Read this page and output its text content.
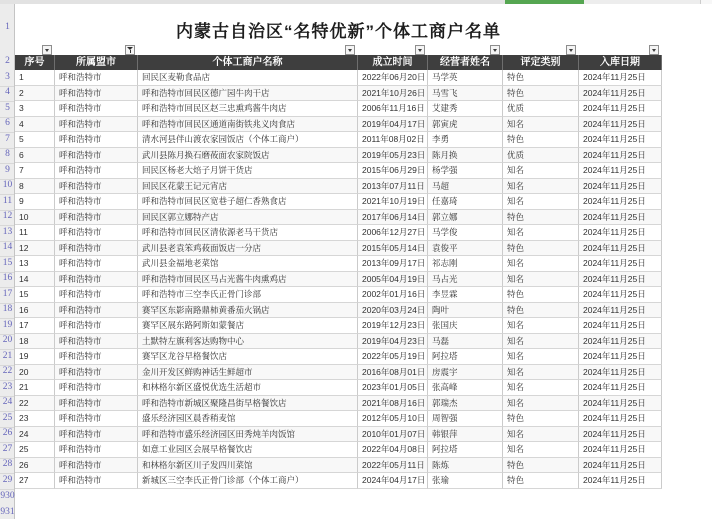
内蒙古自治区“名特优新”个体工商户名单
1
2
3
4
5
6
7
8
9
10
11
12
13
14
15
16
17
18
19
20
21
22
23
24
25
26
27
28
29
930
931
序号	所属盟市	个体工商户名称	成立时间	经营者姓名	评定类别	入库日期
1	呼和浩特市	回民区麦勒食品店	2022年06月20日 马学英	特色	2024年11月25日
2	呼和浩特市	呼和浩特市回民区德广园牛肉干店	2021年10月26日 马雪飞	特色	2024年11月25日
3	呼和浩特市	呼和浩特市回民区赵三忠熏鸡酱牛肉店	2006年11月16日 艾建秀	优质	2024年11月25日
4	呼和浩特市	呼和浩特市回民区通道南街铁兆义肉食店	2019年04月17日 郭寅虎	知名	2024年11月25日
5	呼和浩特市	清水河县伴山渡农家园饭店（个体工商户）	2011年08月02日 李勇	特色	2024年11月25日
6	呼和浩特市	武川县陈月换石磨莜面农家院饭店	2019年05月23日 陈月换	优质	2024年11月25日
7	呼和浩特市	回民区杨老大焙子月饼干货店	2015年06月29日 杨学强	知名	2024年11月25日
8	呼和浩特市	回民区花蒙王记元宵店	2013年07月11日 马超	知名	2024年11月25日
9	呼和浩特市	呼和浩特市回民区宽巷子超仁香熟食店	2021年10月19日 任嘉琦	知名	2024年11月25日
10	呼和浩特市	回民区郭立娜特产店	2017年06月14日 郭立娜	特色	2024年11月25日
11	呼和浩特市	呼和浩特市回民区清依源老马干货店	2006年12月27日 马学俊	知名	2024年11月25日
12	呼和浩特市	武川县老袁笨鸡莜面饭店一分店	2015年05月14日 袁俊平	特色	2024年11月25日
13	呼和浩特市	武川县金福地老菜馆	2013年09月17日 祁志刚	知名	2024年11月25日
14	呼和浩特市	呼和浩特市回民区马占光酱牛肉熏鸡店	2005年04月19日 马占光	知名	2024年11月25日
15	呼和浩特市	呼和浩特市三空李氏正骨门诊部	2002年01月16日 李昱霖	特色	2024年11月25日
16	呼和浩特市	赛罕区东影南路鼎柿黄番茄火锅店	2020年03月24日 陶叶	特色	2024年11月25日
17	呼和浩特市	赛罕区展东路阿斯如蒙餐店	2019年12月23日 张国庆	知名	2024年11月25日
18	呼和浩特市	土默特左旗利客达购物中心	2019年04月23日 马磊	知名	2024年11月25日
19	呼和浩特市	赛罕区龙谷早格餐饮店	2022年05月19日 阿拉塔	知名	2024年11月25日
20	呼和浩特市	金川开发区鲜购神话生鲜超市	2016年08月01日 房震宇	知名	2024年11月25日
21	呼和浩特市	和林格尔新区盛悦优选生活超市	2023年01月05日 张高峰	知名	2024年11月25日
22	呼和浩特市	呼和浩特市新城区聚隆昌街早格餐饮店	2021年08月16日 郭瑞杰	知名	2024年11月25日
23	呼和浩特市	盛乐经济园区晨香稍麦馆	2012年05月10日 周智强	特色	2024年11月25日
24	呼和浩特市	呼和浩特市盛乐经济园区田秀炖羊肉饭馆	2010年01月07日 韩银萍	知名	2024年11月25日
25	呼和浩特市	如意工业园区会展早格餐饮店	2022年04月08日 阿拉塔	知名	2024年11月25日
26	呼和浩特市	和林格尔新区川子发四川菜馆	2022年05月11日 陈炼	特色	2024年11月25日
27	呼和浩特市	新城区三空李氏正骨门诊部（个体工商户）	2024年04月17日 张瑜	特色	2024年11月25日
